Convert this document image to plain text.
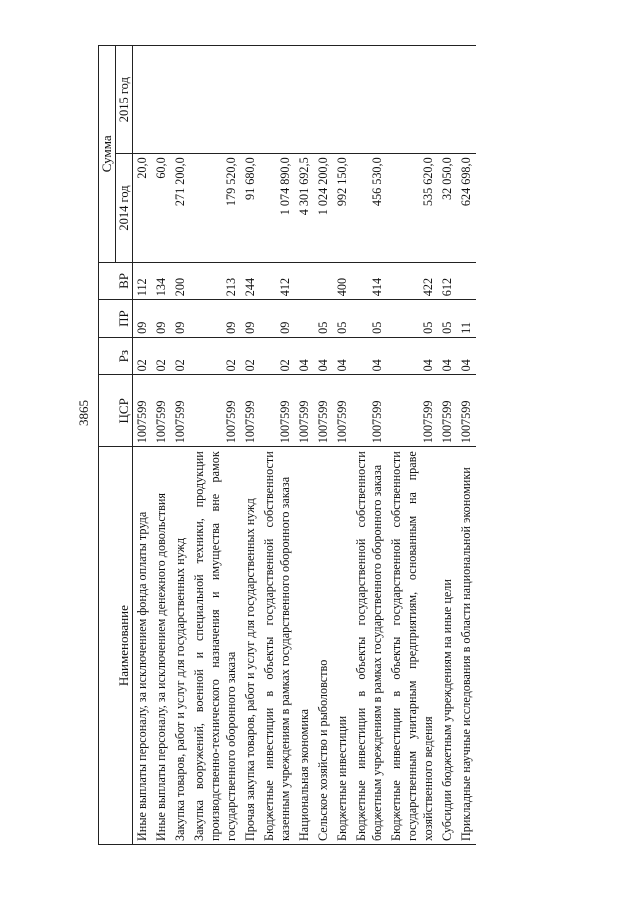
3865
Наименование	ЦСР	Рз	ПР	ВР	Сумма	
					2014 год	2015 год
Иные выплаты персоналу, за исключением фонда оплаты труда	1007599	02	09	112	20,0	
Иные выплаты персоналу, за исключением денежного довольствия	1007599	02	09	134	60,0	
Закупка товаров, работ и услуг для государственных нужд	1007599	02	09	200	271 200,0	
Закупка вооружений, военной и специальной техники, продукции производственно-технического назначения и имущества вне рамок государственного оборонного заказа	1007599	02	09	213	179 520,0	
Прочая закупка товаров, работ и услуг для государственных нужд	1007599	02	09	244	91 680,0	
Бюджетные инвестиции в объекты государственной собственности казенным учреждениям в рамках государственного оборонного заказа	1007599	02	09	412	1 074 890,0	
Национальная экономика	1007599	04			4 301 692,5	
Сельское хозяйство и рыболовство	1007599	04	05		1 024 200,0	
Бюджетные инвестиции	1007599	04	05	400	992 150,0	
Бюджетные инвестиции в объекты государственной собственности бюджетным учреждениям в рамках государственного оборонного заказа	1007599	04	05	414	456 530,0	
Бюджетные инвестиции в объекты государственной собственности государственным унитарным предприятиям, основанным на праве хозяйственного ведения	1007599	04	05	422	535 620,0	
Субсидии бюджетным учреждениям на иные цели	1007599	04	05	612	32 050,0	
Прикладные научные исследования в области национальной экономики	1007599	04	11		624 698,0	
